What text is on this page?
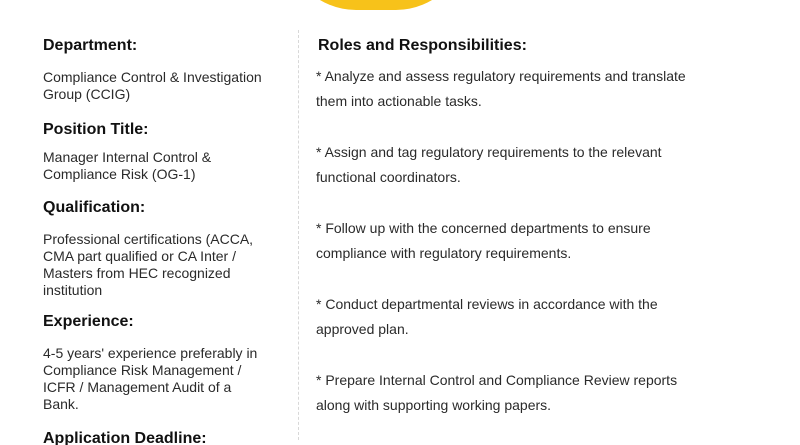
Department:

Compliance Control & Investigation
Group (CCIG)

Position Title:

Manager Internal Control &
Compliance Risk (OG-1)

Qualification:

Professional certifications (ACCA,
CMA part qualified or CA Inter /
Masters from HEC recognized
institution

Experience:

4-5 years' experience preferably in
Compliance Risk Management /
ICFR / Management Audit of a
Bank.

Application Deadline:

Roles and Responsibilities:

* Analyze and assess regulatory requirements and translate
them into actionable tasks.

* Assign and tag regulatory requirements to the relevant
functional coordinators.

* Follow up with the concerned departments to ensure
compliance with regulatory requirements.

* Conduct departmental reviews in accordance with the
approved plan.

* Prepare Internal Control and Compliance Review reports
along with supporting working papers.
